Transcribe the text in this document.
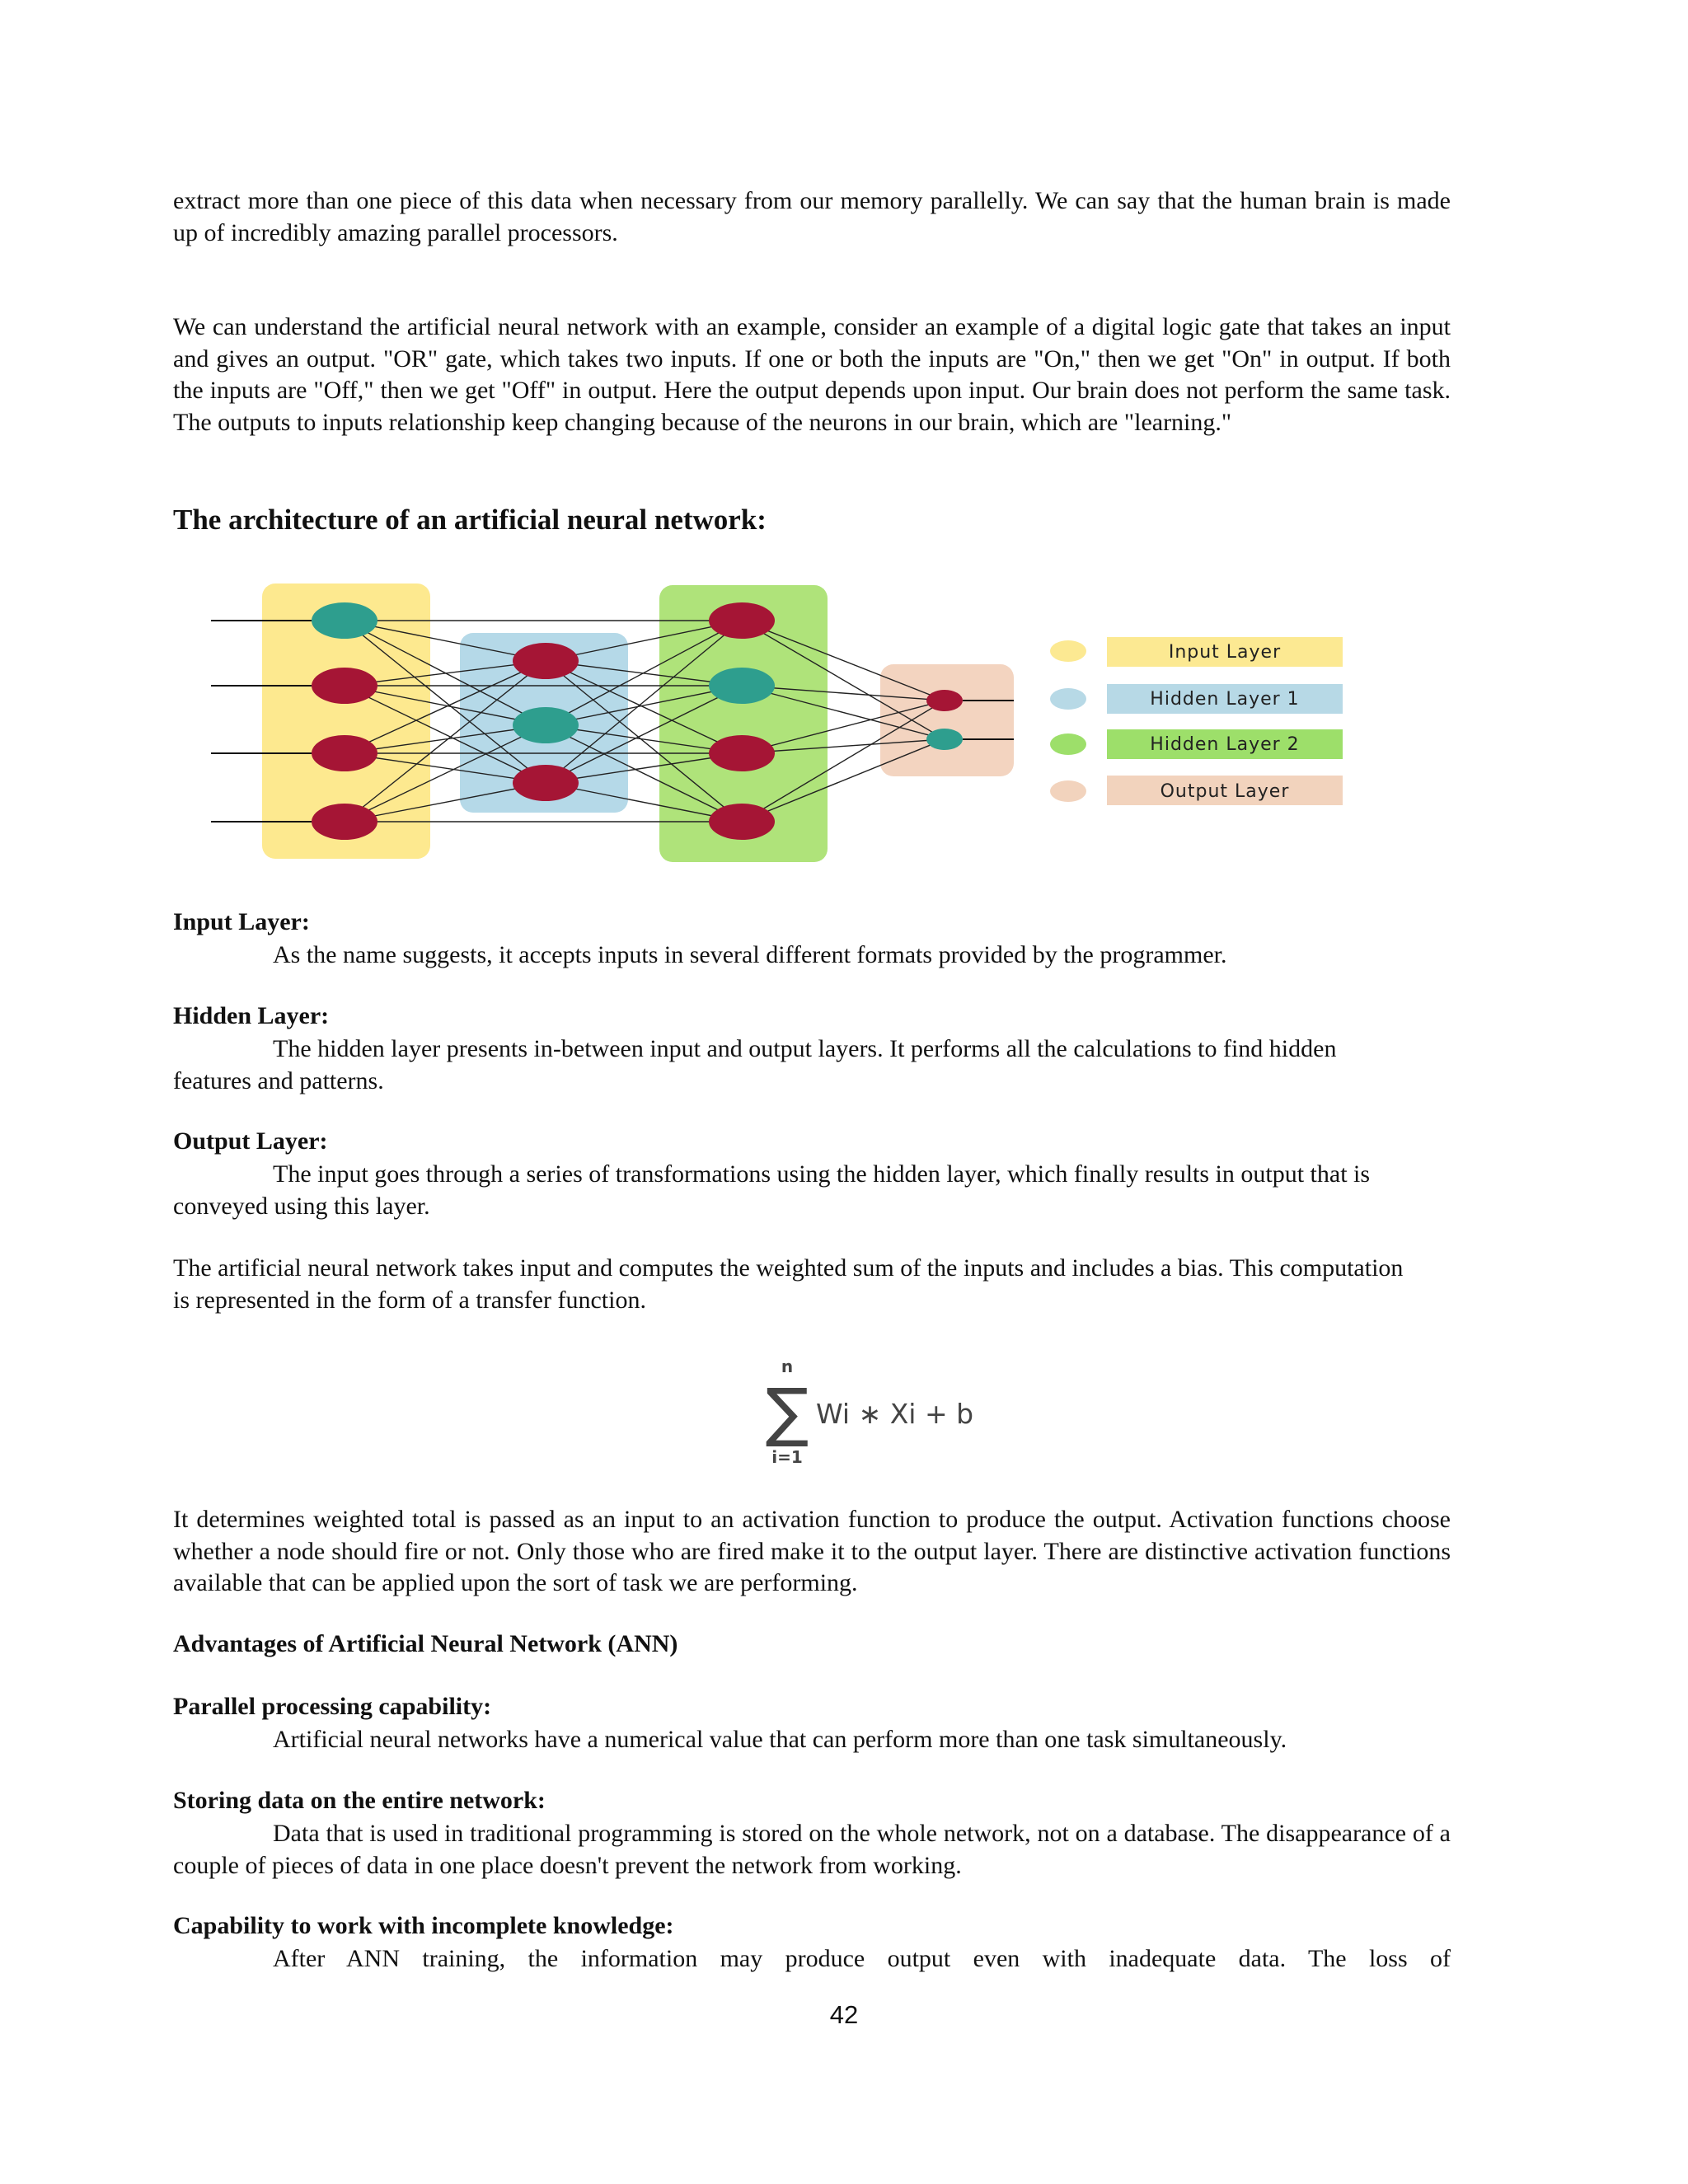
extract more than one piece of this data when necessary from our memory parallelly. We can say that the human brain is made up of incredibly amazing parallel processors.

We can understand the artificial neural network with an example, consider an example of a digital logic gate that takes an input and gives an output. "OR" gate, which takes two inputs. If one or both the inputs are "On," then we get "On" in output. If both the inputs are "Off," then we get "Off" in output. Here the output depends upon input. Our brain does not perform the same task. The outputs to inputs relationship keep changing because of the neurons in our brain, which are "learning."

The architecture of an artificial neural network:
Input Layer
Hidden Layer 1
Hidden Layer 2
Output Layer
Input Layer:

As the name suggests, it accepts inputs in several different formats provided by the programmer.

Hidden Layer:

The hidden layer presents in-between input and output layers. It performs all the calculations to find hidden features and patterns.

Output Layer:

The input goes through a series of transformations using the hidden layer, which finally results in output that is conveyed using this layer.

The artificial neural network takes input and computes the weighted sum of the inputs and includes a bias. This computation is represented in the form of a transfer function.

n
∑
i=1
Wi ∗ Xi + b

It determines weighted total is passed as an input to an activation function to produce the output. Activation functions choose whether a node should fire or not. Only those who are fired make it to the output layer. There are distinctive activation functions available that can be applied upon the sort of task we are performing.

Advantages of Artificial Neural Network (ANN)
Parallel processing capability:

Artificial neural networks have a numerical value that can perform more than one task simultaneously.

Storing data on the entire network:

Data that is used in traditional programming is stored on the whole network, not on a database. The disappearance of a couple of pieces of data in one place doesn't prevent the network from working.

Capability to work with incomplete knowledge:

After ANN training, the information may produce output even with inadequate data. The loss of

42
